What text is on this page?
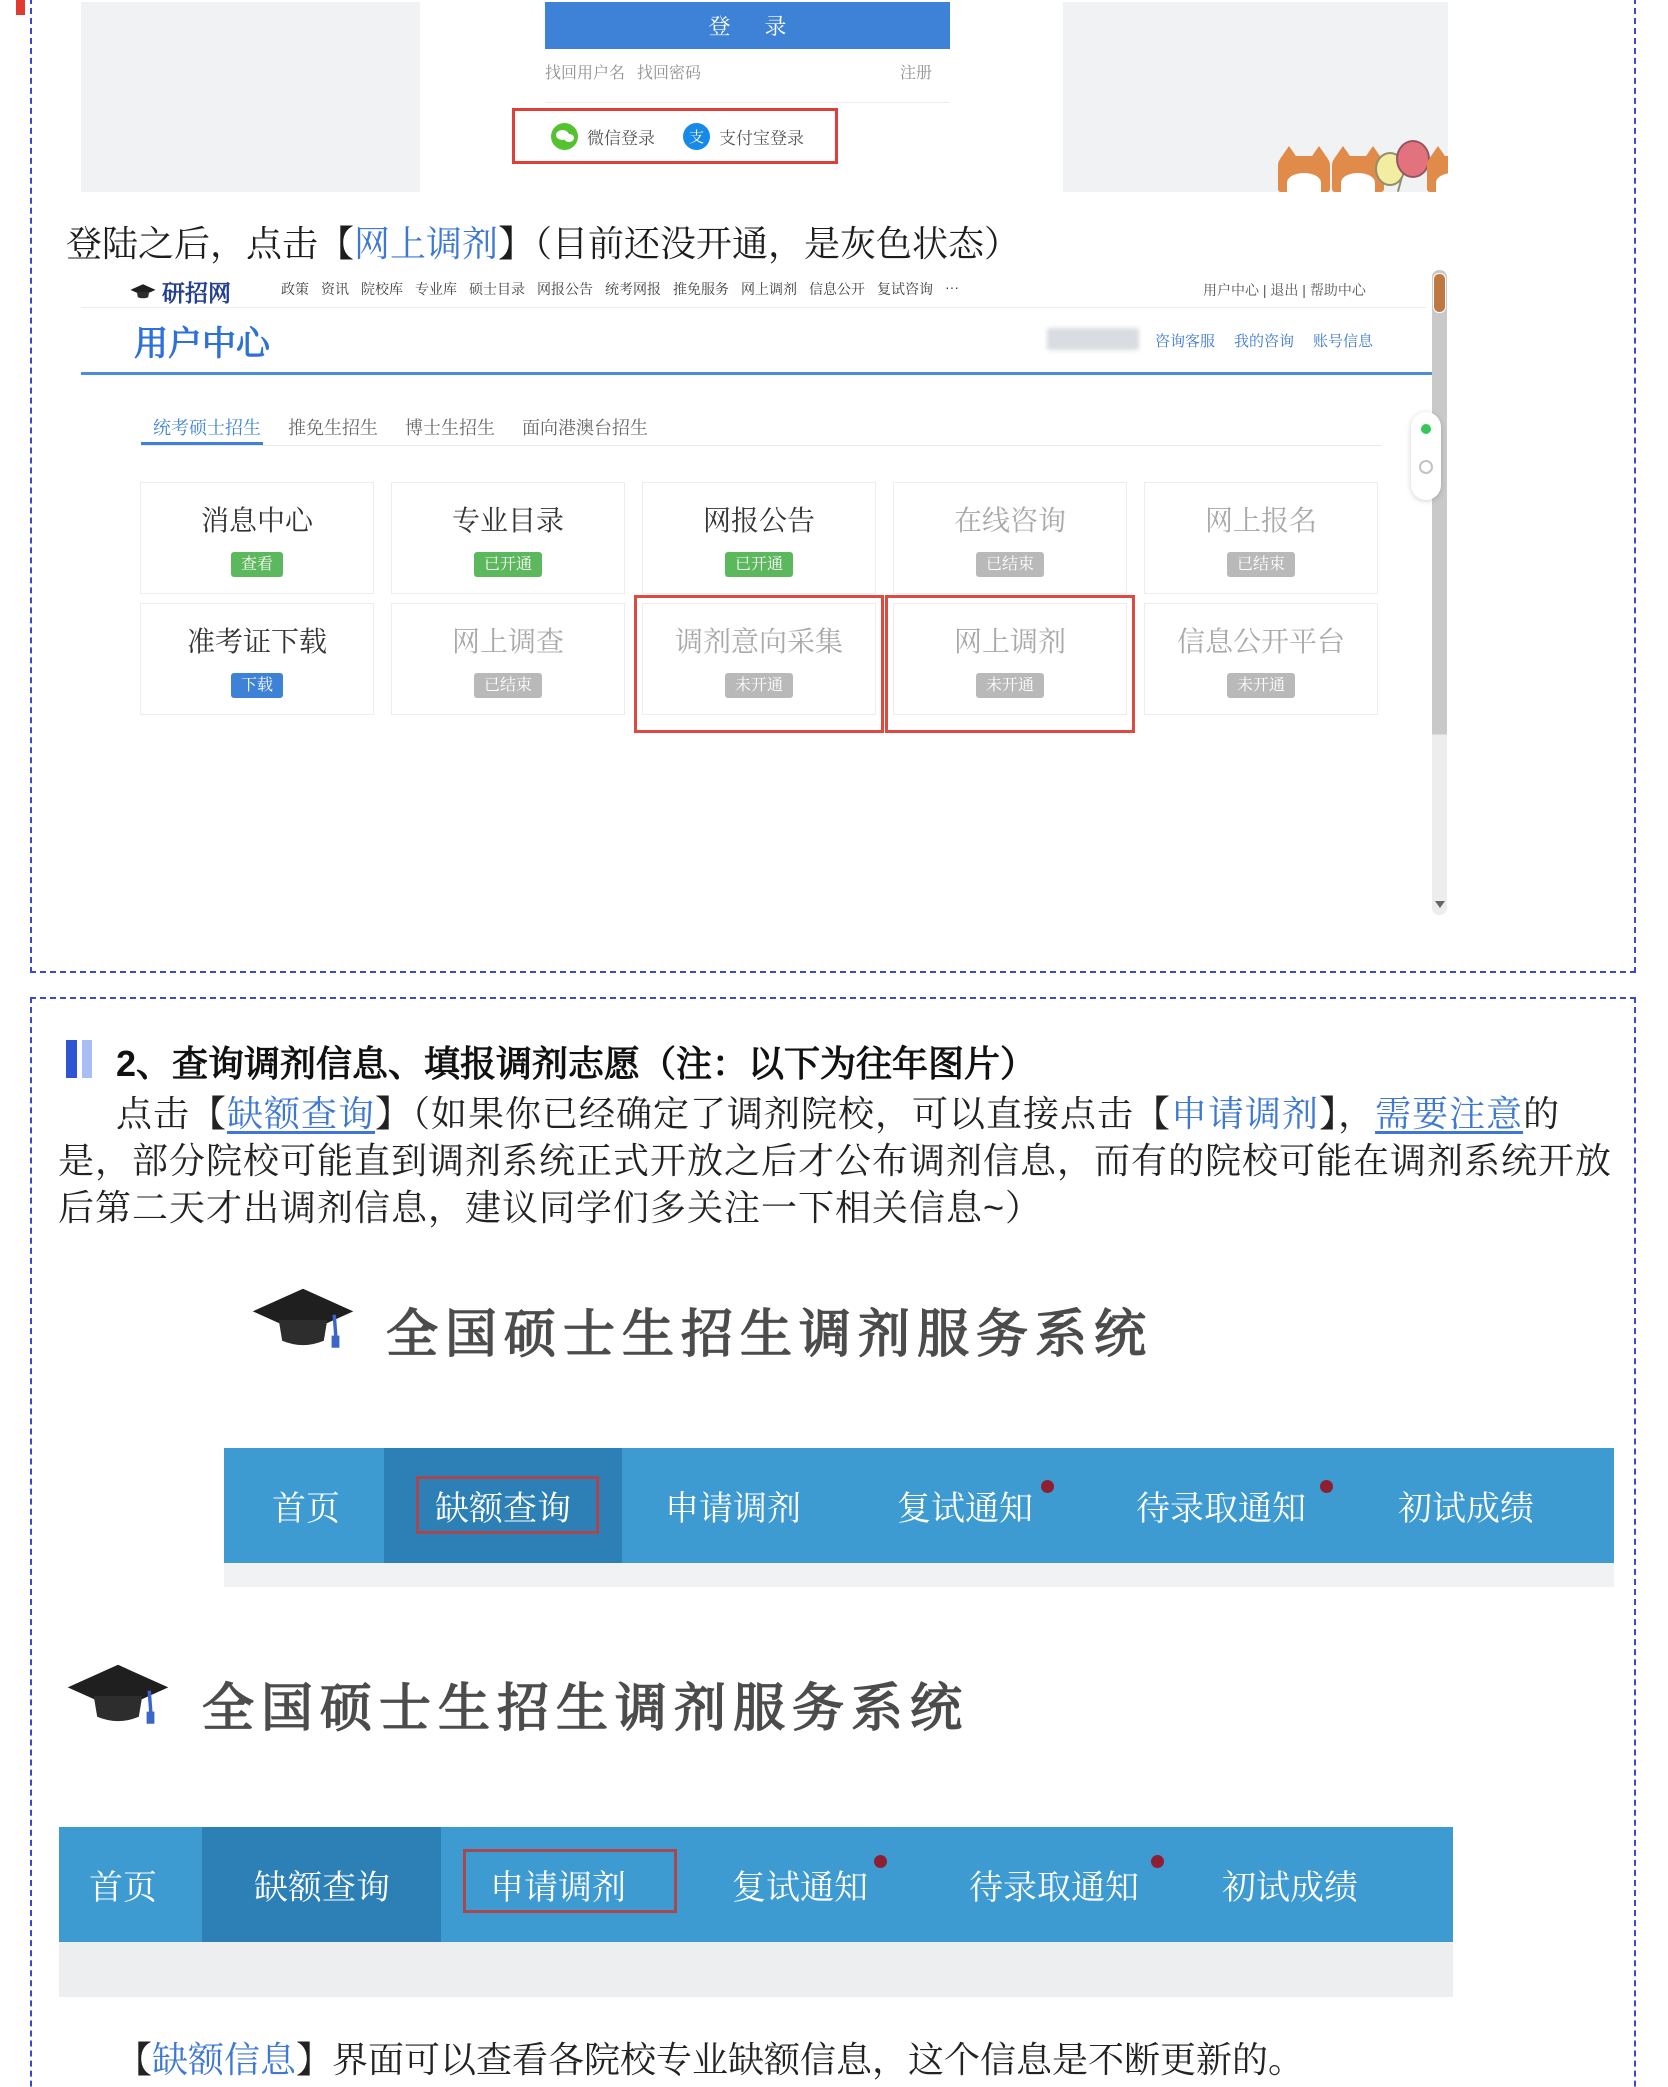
登 录
找回用户名 找回密码	注册
微信登录	支 支付宝登录
登陆之后，点击【网上调剂】（目前还没开通，是灰色状态）
研招网	政策 资讯 院校库 专业库 硕士目录 网报公告 统考网报 推免服务 网上调剂 信息公开 复试咨询 ···	用户中心 | 退出 | 帮助中心
用户中心	咨询客服 我的咨询 账号信息
统考硕士招生 推免生招生 博士生招生 面向港澳台招生
消息中心
查看
专业目录
已开通
网报公告
已开通
在线咨询
已结束
网上报名
已结束
准考证下载
下载
网上调查
已结束
调剂意向采集
未开通
网上调剂
未开通
信息公开平台
未开通
2、查询调剂信息、填报调剂志愿（注：以下为往年图片）
点击【缺额查询】（如果你已经确定了调剂院校，可以直接点击【申请调剂】，需要注意的是，部分院校可能直到调剂系统正式开放之后才公布调剂信息，而有的院校可能在调剂系统开放后第二天才出调剂信息，建议同学们多关注一下相关信息~）
全国硕士生招生调剂服务系统
首页	缺额查询	申请调剂	复试通知	待录取通知	初试成绩
全国硕士生招生调剂服务系统
首页	缺额查询	申请调剂	复试通知	待录取通知 初试成绩
【缺额信息】界面可以查看各院校专业缺额信息，这个信息是不断更新的。
